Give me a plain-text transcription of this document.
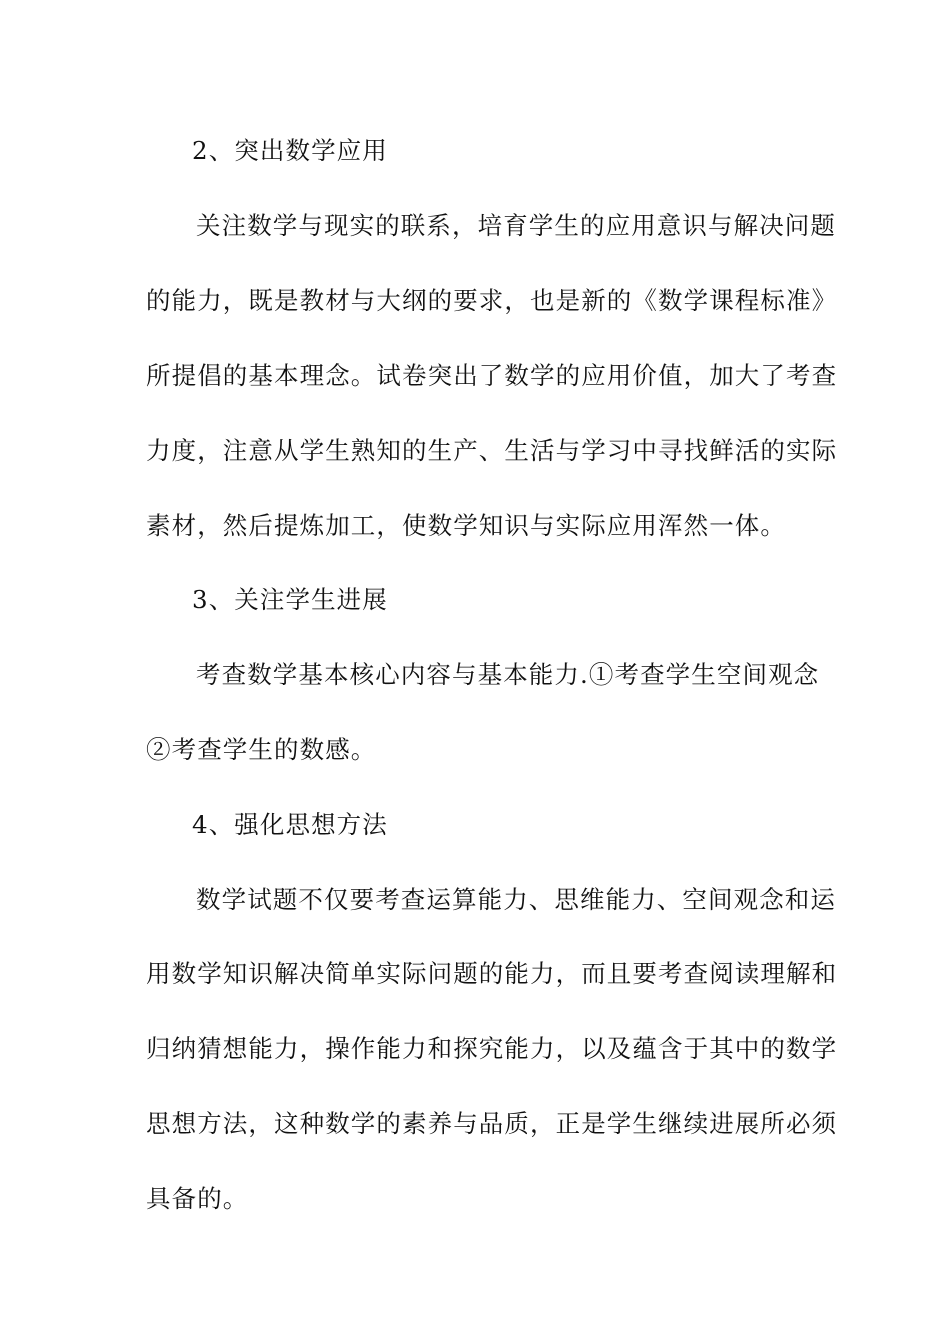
2、突出数学应用
关注数学与现实的联系，培育学生的应用意识与解决问题
的能力，既是教材与大纲的要求，也是新的《数学课程标准》
所提倡的基本理念。试卷突出了数学的应用价值，加大了考查
力度，注意从学生熟知的生产、生活与学习中寻找鲜活的实际
素材，然后提炼加工，使数学知识与实际应用浑然一体。
3、关注学生进展
考查数学基本核心内容与基本能力.①考查学生空间观念
②考查学生的数感。
4、强化思想方法
数学试题不仅要考查运算能力、思维能力、空间观念和运
用数学知识解决简单实际问题的能力，而且要考查阅读理解和
归纳猜想能力，操作能力和探究能力，以及蕴含于其中的数学
思想方法，这种数学的素养与品质，正是学生继续进展所必须
具备的。
